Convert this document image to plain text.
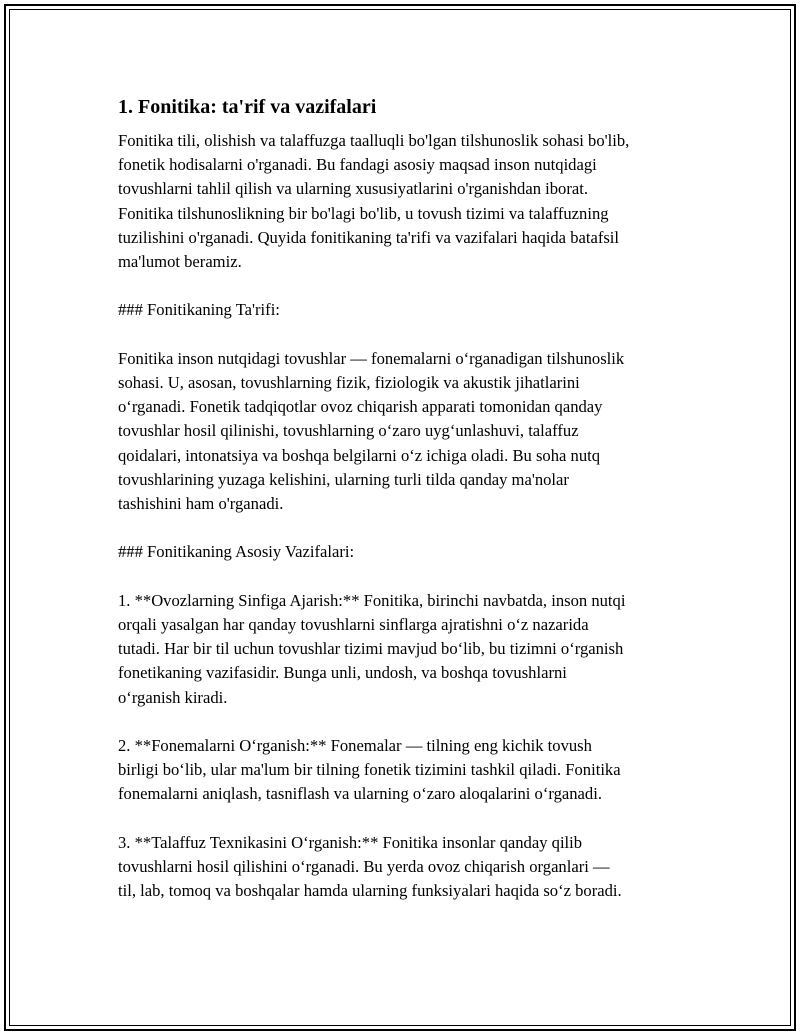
1. Fonitika: ta'rif va vazifalari

Fonitika tili, olishish va talaffuzga taalluqli bo'lgan tilshunoslik sohasi bo'lib,
fonetik hodisalarni o'rganadi. Bu fandagi asosiy maqsad inson nutqidagi
tovushlarni tahlil qilish va ularning xususiyatlarini o'rganishdan iborat.
Fonitika tilshunoslikning bir bo'lagi bo'lib, u tovush tizimi va talaffuzning
tuzilishini o'rganadi. Quyida fonitikaning ta'rifi va vazifalari haqida batafsil
ma'lumot beramiz.

### Fonitikaning Ta'rifi:

Fonitika inson nutqidagi tovushlar — fonemalarni o‘rganadigan tilshunoslik
sohasi. U, asosan, tovushlarning fizik, fiziologik va akustik jihatlarini
o‘rganadi. Fonetik tadqiqotlar ovoz chiqarish apparati tomonidan qanday
tovushlar hosil qilinishi, tovushlarning o‘zaro uyg‘unlashuvi, talaffuz
qoidalari, intonatsiya va boshqa belgilarni o‘z ichiga oladi. Bu soha nutq
tovushlarining yuzaga kelishini, ularning turli tilda qanday ma'nolar
tashishini ham o'rganadi.

### Fonitikaning Asosiy Vazifalari:

1. **Ovozlarning Sinfiga Ajarish:** Fonitika, birinchi navbatda, inson nutqi
orqali yasalgan har qanday tovushlarni sinflarga ajratishni o‘z nazarida
tutadi. Har bir til uchun tovushlar tizimi mavjud bo‘lib, bu tizimni o‘rganish
fonetikaning vazifasidir. Bunga unli, undosh, va boshqa tovushlarni
o‘rganish kiradi.

2. **Fonemalarni O‘rganish:** Fonemalar — tilning eng kichik tovush
birligi bo‘lib, ular ma'lum bir tilning fonetik tizimini tashkil qiladi. Fonitika
fonemalarni aniqlash, tasniflash va ularning o‘zaro aloqalarini o‘rganadi.

3. **Talaffuz Texnikasini O‘rganish:** Fonitika insonlar qanday qilib
tovushlarni hosil qilishini o‘rganadi. Bu yerda ovoz chiqarish organlari —
til, lab, tomoq va boshqalar hamda ularning funksiyalari haqida so‘z boradi.
